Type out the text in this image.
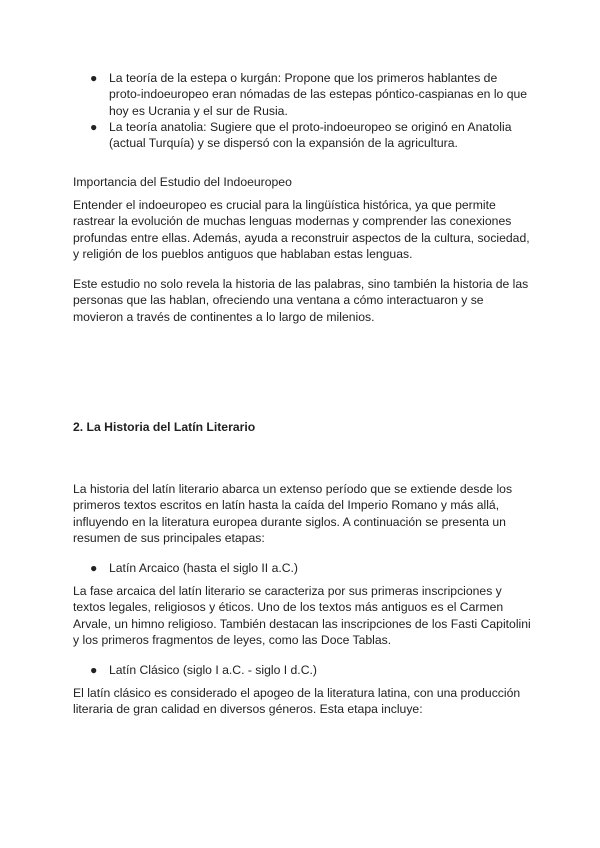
● La teoría de la estepa o kurgán: Propone que los primeros hablantes de proto-indoeuropeo eran nómadas de las estepas póntico-caspianas en lo que hoy es Ucrania y el sur de Rusia.
● La teoría anatolia: Sugiere que el proto-indoeuropeo se originó en Anatolia (actual Turquía) y se dispersó con la expansión de la agricultura.

Importancia del Estudio del Indoeuropeo

Entender el indoeuropeo es crucial para la lingüística histórica, ya que permite rastrear la evolución de muchas lenguas modernas y comprender las conexiones profundas entre ellas. Además, ayuda a reconstruir aspectos de la cultura, sociedad, y religión de los pueblos antiguos que hablaban estas lenguas.

Este estudio no solo revela la historia de las palabras, sino también la historia de las personas que las hablan, ofreciendo una ventana a cómo interactuaron y se movieron a través de continentes a lo largo de milenios.

2. La Historia del Latín Literario

La historia del latín literario abarca un extenso período que se extiende desde los primeros textos escritos en latín hasta la caída del Imperio Romano y más allá, influyendo en la literatura europea durante siglos. A continuación se presenta un resumen de sus principales etapas:

● Latín Arcaico (hasta el siglo II a.C.)

La fase arcaica del latín literario se caracteriza por sus primeras inscripciones y textos legales, religiosos y éticos. Uno de los textos más antiguos es el Carmen Arvale, un himno religioso. También destacan las inscripciones de los Fasti Capitolini y los primeros fragmentos de leyes, como las Doce Tablas.

● Latín Clásico (siglo I a.C. - siglo I d.C.)

El latín clásico es considerado el apogeo de la literatura latina, con una producción literaria de gran calidad en diversos géneros. Esta etapa incluye:
